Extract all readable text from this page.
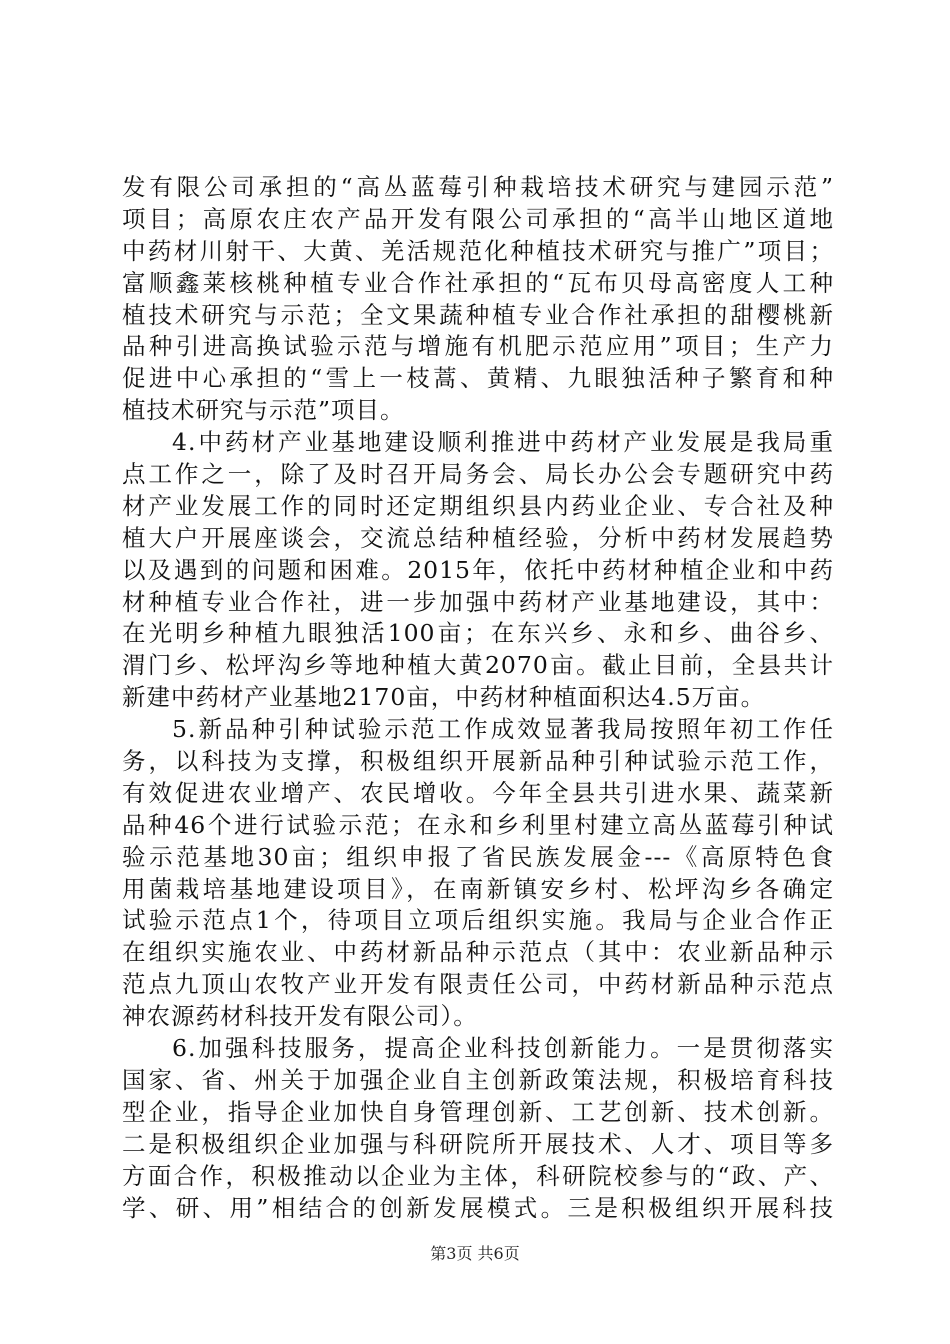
发有限公司承担的“高丛蓝莓引种栽培技术研究与建园示范”
项目；高原农庄农产品开发有限公司承担的“高半山地区道地
中药材川射干、大黄、羌活规范化种植技术研究与推广”项目；
富顺鑫莱核桃种植专业合作社承担的“瓦布贝母高密度人工种
植技术研究与示范；全文果蔬种植专业合作社承担的甜樱桃新
品种引进高换试验示范与增施有机肥示范应用”项目；生产力
促进中心承担的“雪上一枝蒿、黄精、九眼独活种子繁育和种
植技术研究与示范”项目。
4.中药材产业基地建设顺利推进中药材产业发展是我局重
点工作之一，除了及时召开局务会、局长办公会专题研究中药
材产业发展工作的同时还定期组织县内药业企业、专合社及种
植大户开展座谈会，交流总结种植经验，分析中药材发展趋势
以及遇到的问题和困难。2015年，依托中药材种植企业和中药
材种植专业合作社，进一步加强中药材产业基地建设，其中：
在光明乡种植九眼独活100亩；在东兴乡、永和乡、曲谷乡、
渭门乡、松坪沟乡等地种植大黄2070亩。截止目前，全县共计
新建中药材产业基地2170亩，中药材种植面积达4.5万亩。
5.新品种引种试验示范工作成效显著我局按照年初工作任
务，以科技为支撑，积极组织开展新品种引种试验示范工作，
有效促进农业增产、农民增收。今年全县共引进水果、蔬菜新
品种46个进行试验示范；在永和乡利里村建立高丛蓝莓引种试
验示范基地30亩；组织申报了省民族发展金---《高原特色食
用菌栽培基地建设项目》，在南新镇安乡村、松坪沟乡各确定
试验示范点1个，待项目立项后组织实施。我局与企业合作正
在组织实施农业、中药材新品种示范点（其中：农业新品种示
范点九顶山农牧产业开发有限责任公司，中药材新品种示范点
神农源药材科技开发有限公司）。
6.加强科技服务，提高企业科技创新能力。一是贯彻落实
国家、省、州关于加强企业自主创新政策法规，积极培育科技
型企业，指导企业加快自身管理创新、工艺创新、技术创新。
二是积极组织企业加强与科研院所开展技术、人才、项目等多
方面合作，积极推动以企业为主体，科研院校参与的“政、产、
学、研、用”相结合的创新发展模式。三是积极组织开展科技
第3页 共6页
